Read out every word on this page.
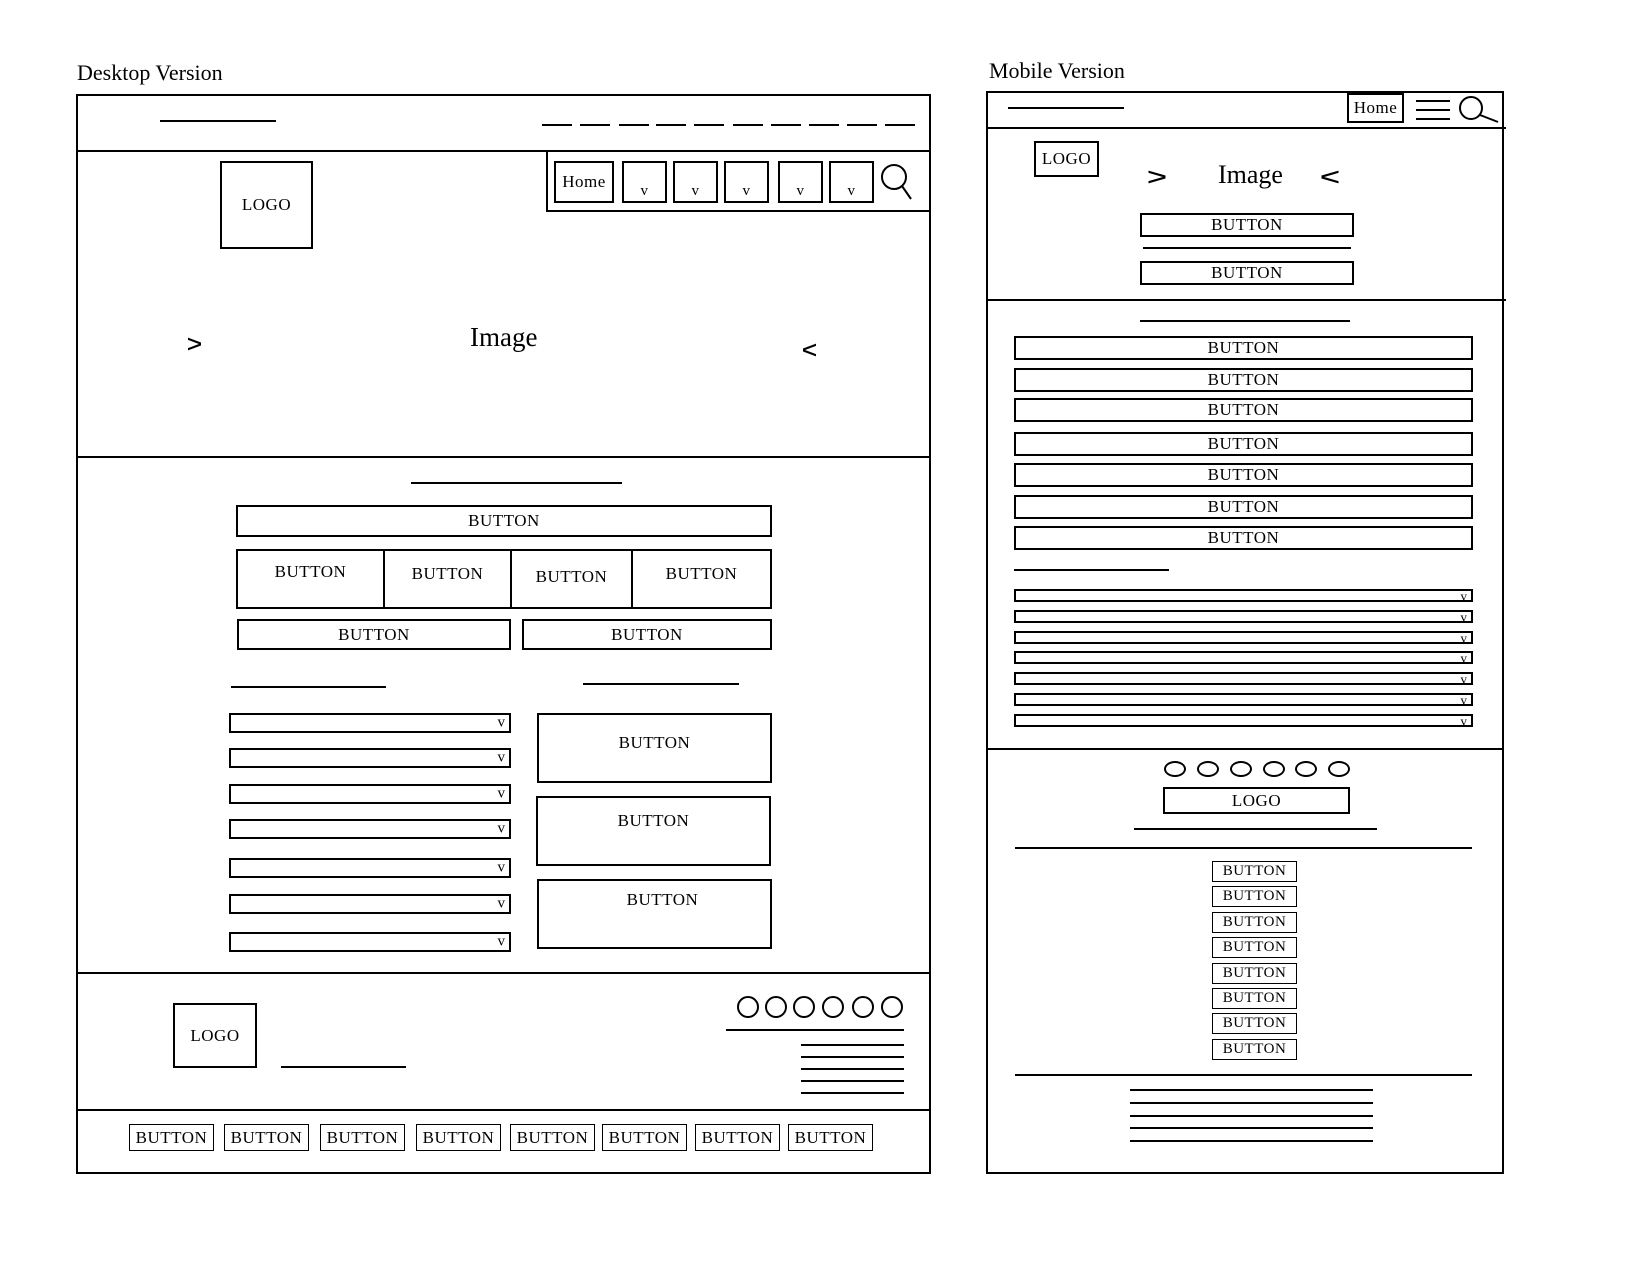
Desktop Version
LOGO
Home	v	v	v	v	v
v	Image	v
BUTTON
BUTTON	BUTTON	BUTTON	BUTTON
BUTTON	BUTTON
v
v
v
v
v
v
v
BUTTON
BUTTON
BUTTON
LOGO
BUTTON	BUTTON	BUTTON	BUTTON	BUTTON	BUTTON	BUTTON	BUTTON
Mobile Version
Home
LOGO
v Image v
BUTTON
BUTTON
BUTTON
BUTTON
BUTTON
BUTTON
BUTTON
BUTTON
BUTTON
v
v
v
v
v
v
v
LOGO
BUTTON
BUTTON
BUTTON
BUTTON
BUTTON
BUTTON
BUTTON
BUTTON
